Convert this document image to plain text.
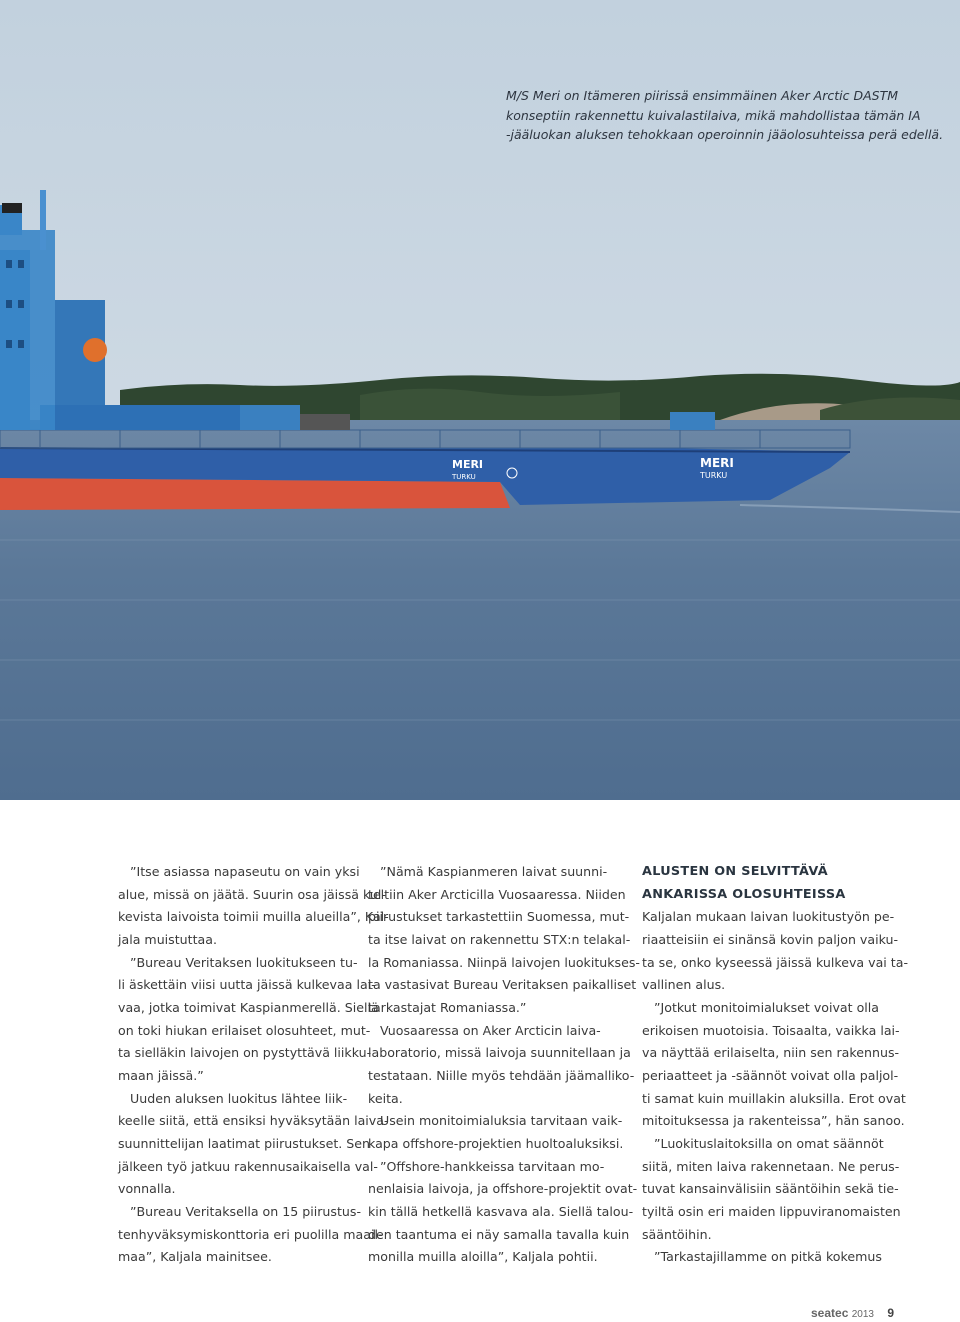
MERI
TURKU
MERI
TURKU
M/S Meri on Itämeren piirissä ensimmäinen Aker Arctic DASTM
konseptiin rakennettu kuivalastilaiva, mikä mahdollistaa tämän IA
-jääluokan aluksen tehokkaan operoinnin jääolosuhteissa perä edellä.
”Itse asiassa napaseutu on vain yksi
alue, missä on jäätä. Suurin osa jäissä kul-
kevista laivoista toimii muilla alueilla”, Kal-
jala muistuttaa.
”Bureau Veritaksen luokitukseen tu-
li äskettäin viisi uutta jäissä kulkevaa lai-
vaa, jotka toimivat Kaspianmerellä. Siellä
on toki hiukan erilaiset olosuhteet, mut-
ta sielläkin laivojen on pystyttävä liikku-
maan jäissä.”
Uuden aluksen luokitus lähtee liik-
keelle siitä, että ensiksi hyväksytään laiva-
suunnittelijan laatimat piirustukset. Sen
jälkeen työ jatkuu rakennusaikaisella val-
vonnalla.
”Bureau Veritaksella on 15 piirustus-
tenhyväksymiskonttoria eri puolilla maail-
maa”, Kaljala mainitsee.
”Nämä Kaspianmeren laivat suunni-
teltiin Aker Arcticilla Vuosaaressa. Niiden
piirustukset tarkastettiin Suomessa, mut-
ta itse laivat on rakennettu STX:n telakal-
la Romaniassa. Niinpä laivojen luokitukses-
ta vastasivat Bureau Veritaksen paikalliset
tarkastajat Romaniassa.”
Vuosaaressa on Aker Arcticin laiva-
laboratorio, missä laivoja suunnitellaan ja
testataan. Niille myös tehdään jäämalliko-
keita.
Usein monitoimialuksia tarvitaan vaik-
kapa offshore-projektien huoltoaluksiksi.
”Offshore-hankkeissa tarvitaan mo-
nenlaisia laivoja, ja offshore-projektit ovat-
kin tällä hetkellä kasvava ala. Siellä talou-
den taantuma ei näy samalla tavalla kuin
monilla muilla aloilla”, Kaljala pohtii.
ALUSTEN ON SELVITTÄVÄ
ANKARISSA OLOSUHTEISSA
Kaljalan mukaan laivan luokitustyön pe-
riaatteisiin ei sinänsä kovin paljon vaiku-
ta se, onko kyseessä jäissä kulkeva vai ta-
vallinen alus.
”Jotkut monitoimialukset voivat olla
erikoisen muotoisia. Toisaalta, vaikka lai-
va näyttää erilaiselta, niin sen rakennus-
periaatteet ja -säännöt voivat olla paljol-
ti samat kuin muillakin aluksilla. Erot ovat
mitoituksessa ja rakenteissa”, hän sanoo.
”Luokituslaitoksilla on omat säännöt
siitä, miten laiva rakennetaan. Ne perus-
tuvat kansainvälisiin sääntöihin sekä tie-
tyiltä osin eri maiden lippuviranomaisten
sääntöihin.
”Tarkastajillamme on pitkä kokemus
seatec 2013 9
